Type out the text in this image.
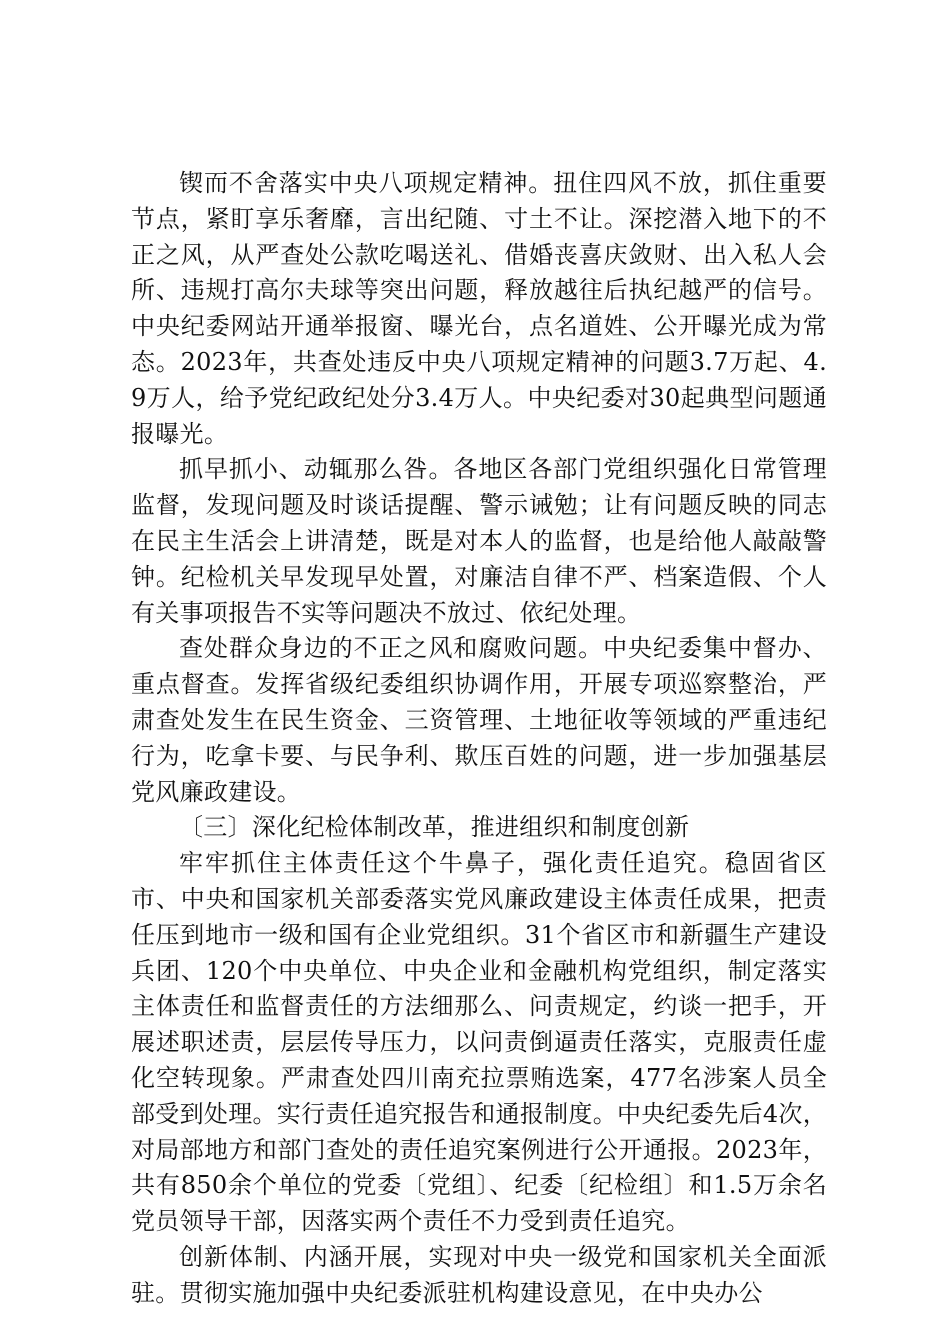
锲而不舍落实中央八项规定精神。扭住四风不放，抓住重要节点，紧盯享乐奢靡，言出纪随、寸土不让。深挖潜入地下的不正之风，从严查处公款吃喝送礼、借婚丧喜庆敛财、出入私人会所、违规打高尔夫球等突出问题，释放越往后执纪越严的信号。中央纪委网站开通举报窗、曝光台，点名道姓、公开曝光成为常态。2023年，共查处违反中央八项规定精神的问题3.7万起、4.9万人，给予党纪政纪处分3.4万人。中央纪委对30起典型问题通报曝光。

抓早抓小、动辄那么咎。各地区各部门党组织强化日常管理监督，发现问题及时谈话提醒、警示诫勉；让有问题反映的同志在民主生活会上讲清楚，既是对本人的监督，也是给他人敲敲警钟。纪检机关早发现早处置，对廉洁自律不严、档案造假、个人有关事项报告不实等问题决不放过、依纪处理。

查处群众身边的不正之风和腐败问题。中央纪委集中督办、重点督查。发挥省级纪委组织协调作用，开展专项巡察整治，严肃查处发生在民生资金、三资管理、土地征收等领域的严重违纪行为，吃拿卡要、与民争利、欺压百姓的问题，进一步加强基层党风廉政建设。

〔三〕深化纪检体制改革，推进组织和制度创新

牢牢抓住主体责任这个牛鼻子，强化责任追究。稳固省区市、中央和国家机关部委落实党风廉政建设主体责任成果，把责任压到地市一级和国有企业党组织。31个省区市和新疆生产建设兵团、120个中央单位、中央企业和金融机构党组织，制定落实主体责任和监督责任的方法细那么、问责规定，约谈一把手，开展述职述责，层层传导压力，以问责倒逼责任落实，克服责任虚化空转现象。严肃查处四川南充拉票贿选案，477名涉案人员全部受到处理。实行责任追究报告和通报制度。中央纪委先后4次，对局部地方和部门查处的责任追究案例进行公开通报。2023年，共有850余个单位的党委〔党组〕、纪委〔纪检组〕和1.5万余名党员领导干部，因落实两个责任不力受到责任追究。

创新体制、内涵开展，实现对中央一级党和国家机关全面派驻。贯彻实施加强中央纪委派驻机构建设意见，在中央办公
